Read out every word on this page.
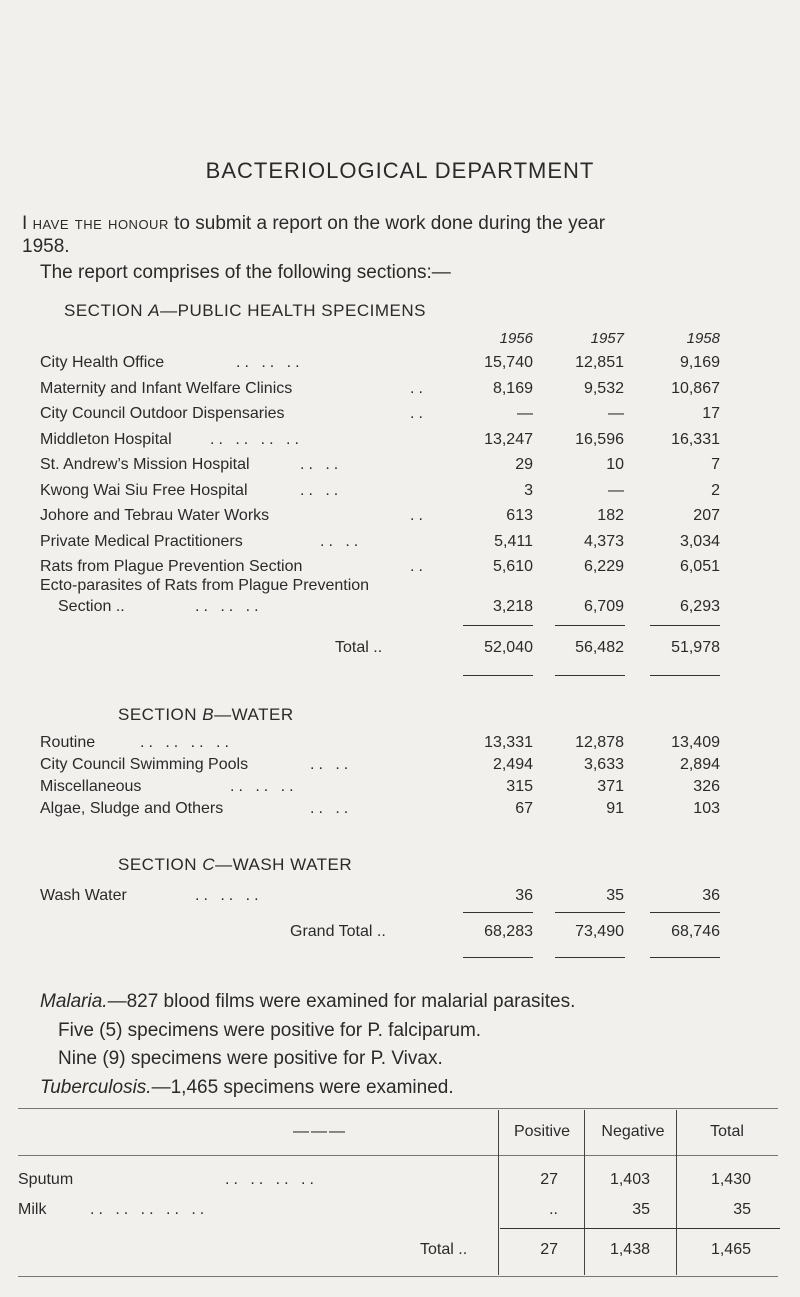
BACTERIOLOGICAL DEPARTMENT
I have the honour to submit a report on the work done during the year
1958.
The report comprises of the following sections:—
SECTION A—PUBLIC HEALTH SPECIMENS
1956	1957	1958
City Health Office	.. .. ..	15,740	12,851	9,169
Maternity and Infant Welfare Clinics	..	8,169	9,532	10,867
City Council Outdoor Dispensaries	..	—	—	17
Middleton Hospital .. .. .. ..	13,247	16,596	16,331
St. Andrew’s Mission Hospital	.. ..	29	10	7
Kwong Wai Siu Free Hospital	.. ..	3	—	2
Johore and Tebrau Water Works	..	613	182	207
Private Medical Practitioners	.. ..	5,411	4,373	3,034
Rats from Plague Prevention Section	..	5,610	6,229	6,051
Ecto-parasites of Rats from Plague Prevention
Section ..	.. .. ..	3,218	6,709	6,293
Total ..	52,040	56,482	51,978
SECTION B—WATER
Routine	.. .. .. ..	13,331	12,878	13,409
City Council Swimming Pools	.. ..	2,494	3,633	2,894
Miscellaneous	.. .. ..	315	371	326
Algae, Sludge and Others	.. ..	67	91	103
SECTION C—WASH WATER
Wash Water	.. .. ..	36	35	36
Grand Total ..	68,283	73,490	68,746
Malaria.—827 blood films were examined for malarial parasites.
Five (5) specimens were positive for P. falciparum.
Nine (9) specimens were positive for P. Vivax.
Tuberculosis.—1,465 specimens were examined.
———	Positive	Negative	Total
Sputum	.. .. .. ..	27	1,403	1,430
Milk	.. .. .. .. ..	..	35	35
Total ..	27	1,438	1,465
